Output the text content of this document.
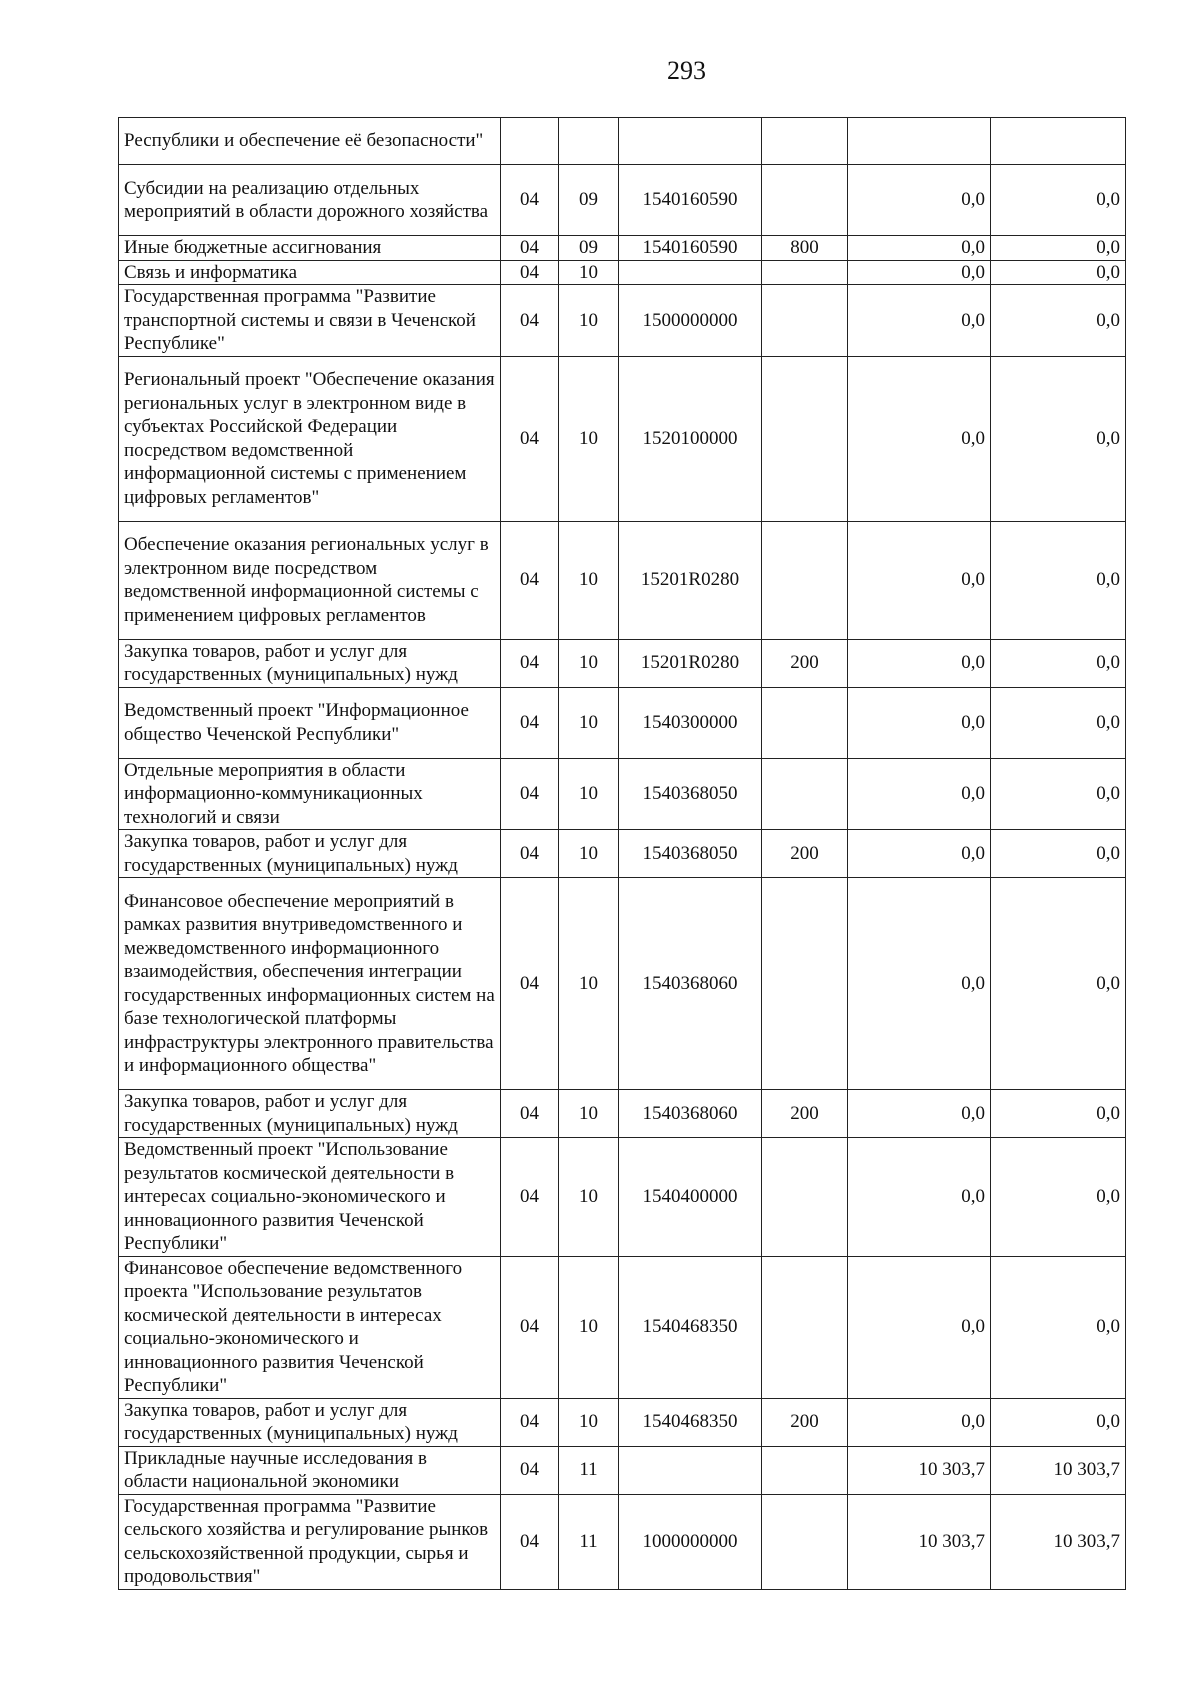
293
Республики и обеспечение её безопасности"						
Субсидии на реализацию отдельных мероприятий в области дорожного хозяйства	04	09	1540160590		0,0	0,0
Иные бюджетные ассигнования	04	09	1540160590	800	0,0	0,0
Связь и информатика	04	10			0,0	0,0
Государственная программа "Развитие транспортной системы и связи в Чеченской Республике"	04	10	1500000000		0,0	0,0
Региональный проект "Обеспечение оказания региональных услуг в электронном виде в субъектах Российской Федерации посредством ведомственной информационной системы с применением цифровых регламентов"	04	10	1520100000		0,0	0,0
Обеспечение оказания региональных услуг в электронном виде посредством ведомственной информационной системы с применением цифровых регламентов	04	10	15201R0280		0,0	0,0
Закупка товаров, работ и услуг для государственных (муниципальных) нужд	04	10	15201R0280	200	0,0	0,0
Ведомственный проект "Информационное общество Чеченской Республики"	04	10	1540300000		0,0	0,0
Отдельные мероприятия в области информационно-коммуникационных технологий и связи	04	10	1540368050		0,0	0,0
Закупка товаров, работ и услуг для государственных (муниципальных) нужд	04	10	1540368050	200	0,0	0,0
Финансовое обеспечение мероприятий в рамках развития внутриведомственного и межведомственного информационного взаимодействия, обеспечения интеграции государственных информационных систем на базе технологической платформы инфраструктуры электронного правительства и информационного общества"	04	10	1540368060		0,0	0,0
Закупка товаров, работ и услуг для государственных (муниципальных) нужд	04	10	1540368060	200	0,0	0,0
Ведомственный проект "Использование результатов космической деятельности в интересах социально-экономического и инновационного развития Чеченской Республики"	04	10	1540400000		0,0	0,0
Финансовое обеспечение ведомственного проекта "Использование результатов космической деятельности в интересах социально-экономического и инновационного развития Чеченской Республики"	04	10	1540468350		0,0	0,0
Закупка товаров, работ и услуг для государственных (муниципальных) нужд	04	10	1540468350	200	0,0	0,0
Прикладные научные исследования в области национальной экономики	04	11			10 303,7	10 303,7
Государственная программа "Развитие сельского хозяйства и регулирование рынков сельскохозяйственной продукции, сырья и продовольствия"	04	11	1000000000		10 303,7	10 303,7
